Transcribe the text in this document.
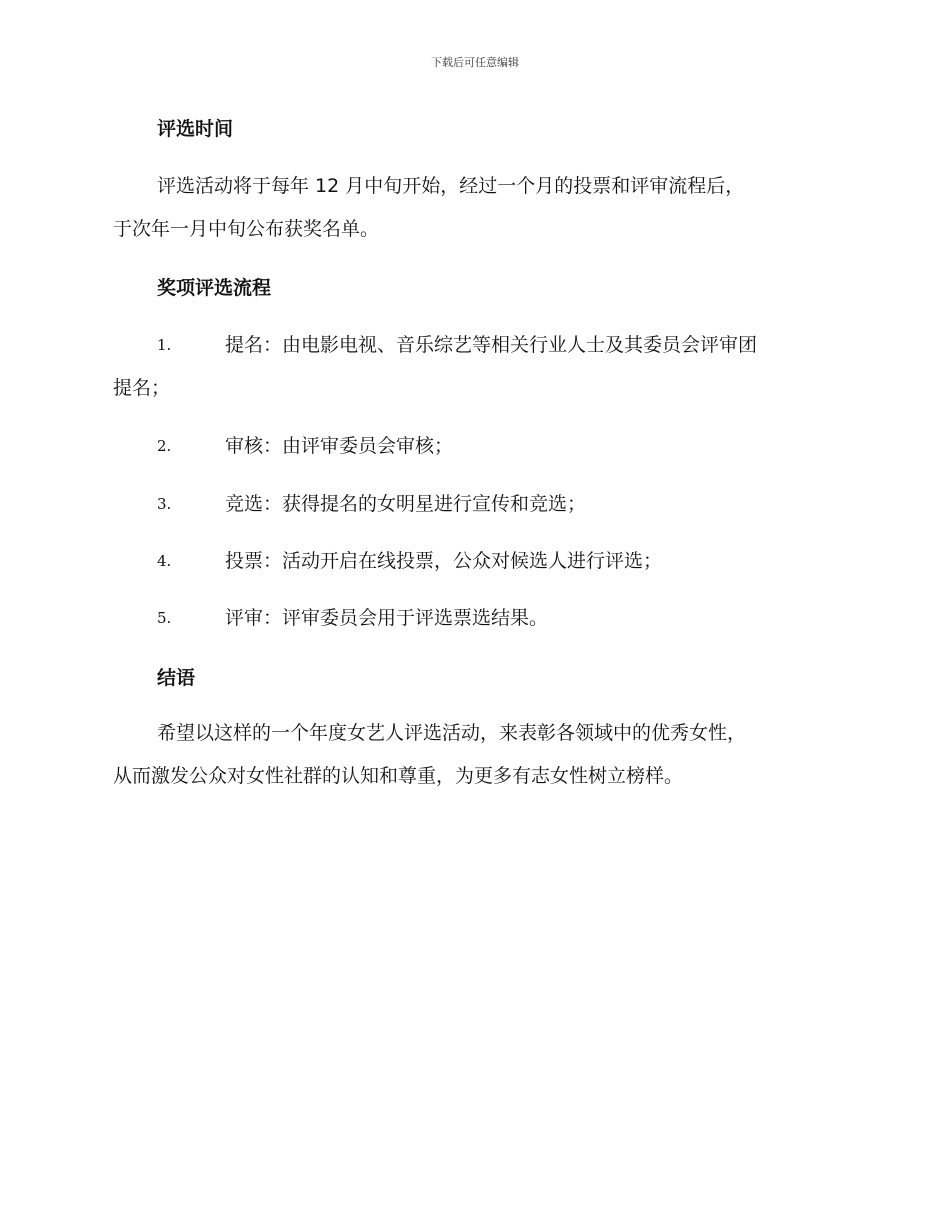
下载后可任意编辑
评选时间
评选活动将于每年 12 月中旬开始，经过一个月的投票和评审流程后，
于次年一月中旬公布获奖名单。
奖项评选流程
1.	提名：由电影电视、音乐综艺等相关行业人士及其委员会评审团
提名；
2.	审核：由评审委员会审核；
3.	竞选：获得提名的女明星进行宣传和竞选；
4.	投票：活动开启在线投票，公众对候选人进行评选；
5.	评审：评审委员会用于评选票选结果。
结语
希望以这样的一个年度女艺人评选活动，来表彰各领域中的优秀女性，
从而激发公众对女性社群的认知和尊重，为更多有志女性树立榜样。
